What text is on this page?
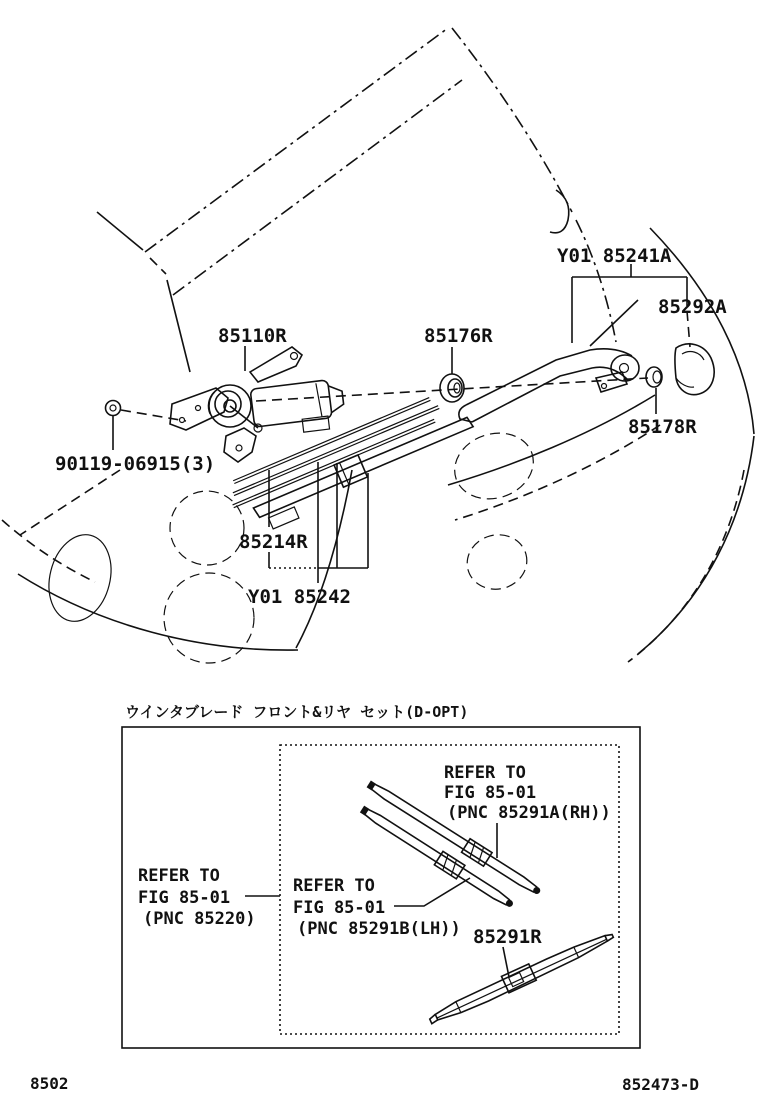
Y01 85241A
85292A
85110R	85176R
85178R
90119-06915(3)
85214R
Y01 85242
ウインタブレード フロント&リヤ セット(D-OPT)
REFER TO
FIG 85-01
(PNC 85220)
REFER TO
FIG 85-01
(PNC 85291A(RH))
REFER TO
FIG 85-01
(PNC 85291B(LH)) 85291R
8502	852473-D
